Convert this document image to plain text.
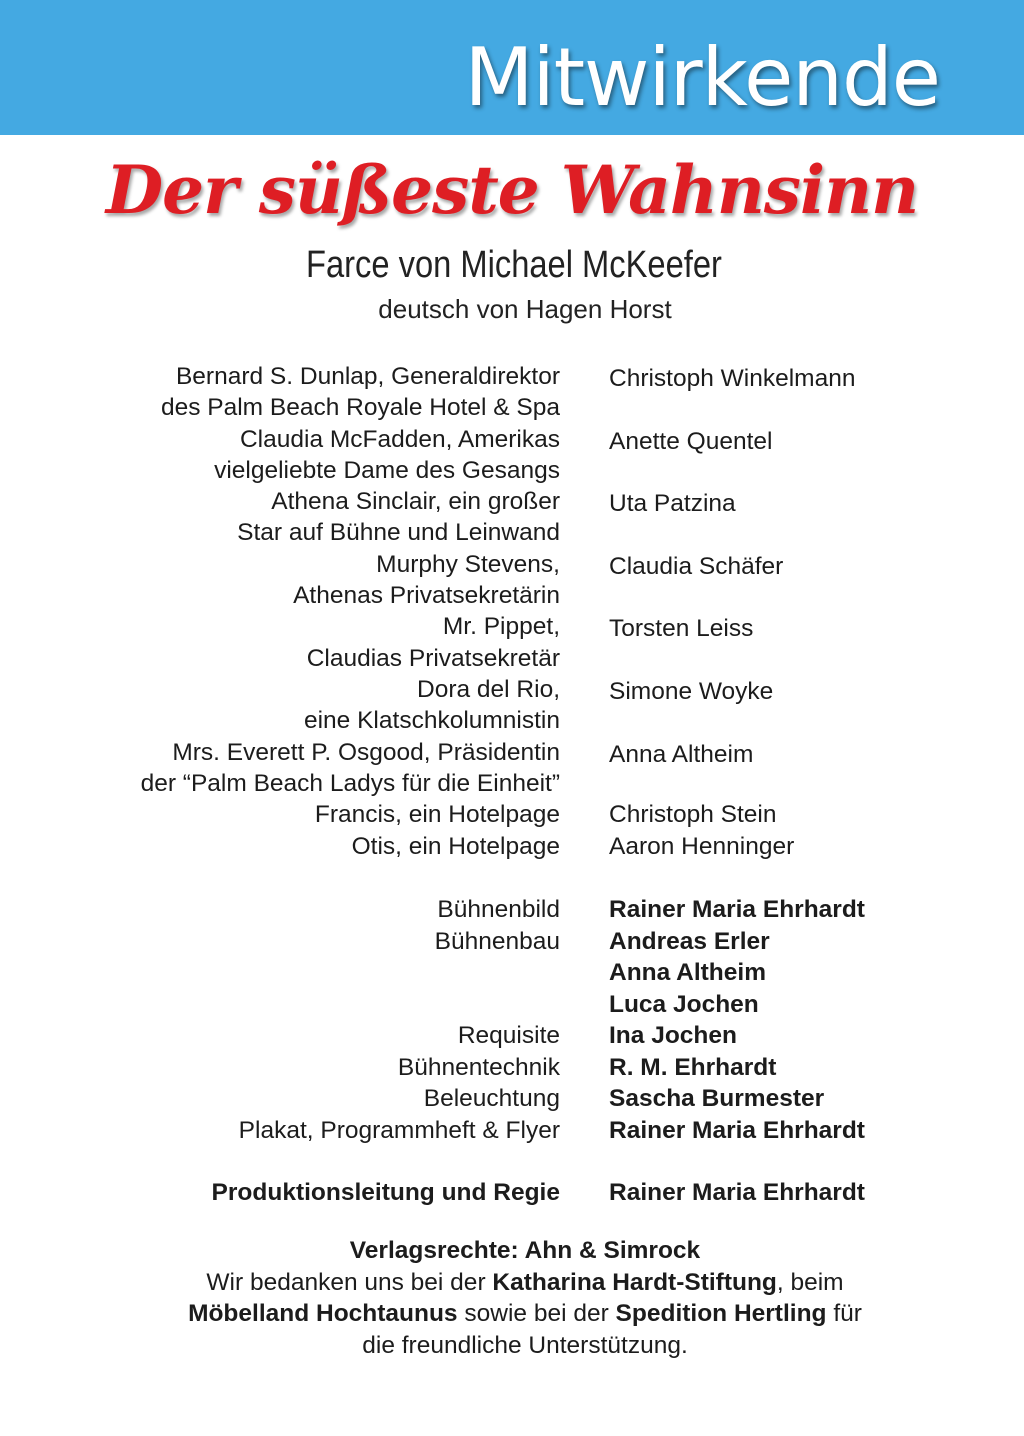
Mitwirkende
Der süßeste Wahnsinn
Farce von Michael McKeefer
deutsch von Hagen Horst
Bernard S. Dunlap, Generaldirektor
des Palm Beach Royale Hotel & Spa
Christoph Winkelmann
Claudia McFadden, Amerikas
vielgeliebte Dame des Gesangs
Anette Quentel
Athena Sinclair, ein großer
Star auf Bühne und Leinwand
Uta Patzina
Murphy Stevens,
Athenas Privatsekretärin
Claudia Schäfer
Mr. Pippet,
Claudias Privatsekretär
Torsten Leiss
Dora del Rio,
eine Klatschkolumnistin
Simone Woyke
Mrs. Everett P. Osgood, Präsidentin
der “Palm Beach Ladys für die Einheit”
Anna Altheim
Francis, ein Hotelpage Christoph Stein
Otis, ein Hotelpage Aaron Henninger
Bühnenbild Rainer Maria Ehrhardt
Bühnenbau Andreas Erler
Anna Altheim
Luca Jochen
Requisite Ina Jochen
Bühnentechnik R. M. Ehrhardt
Beleuchtung Sascha Burmester
Plakat, Programmheft & Flyer Rainer Maria Ehrhardt
Produktionsleitung und Regie Rainer Maria Ehrhardt
Verlagsrechte: Ahn & Simrock
Wir bedanken uns bei der Katharina Hardt-Stiftung, beim
Möbelland Hochtaunus sowie bei der Spedition Hertling für
die freundliche Unterstützung.
